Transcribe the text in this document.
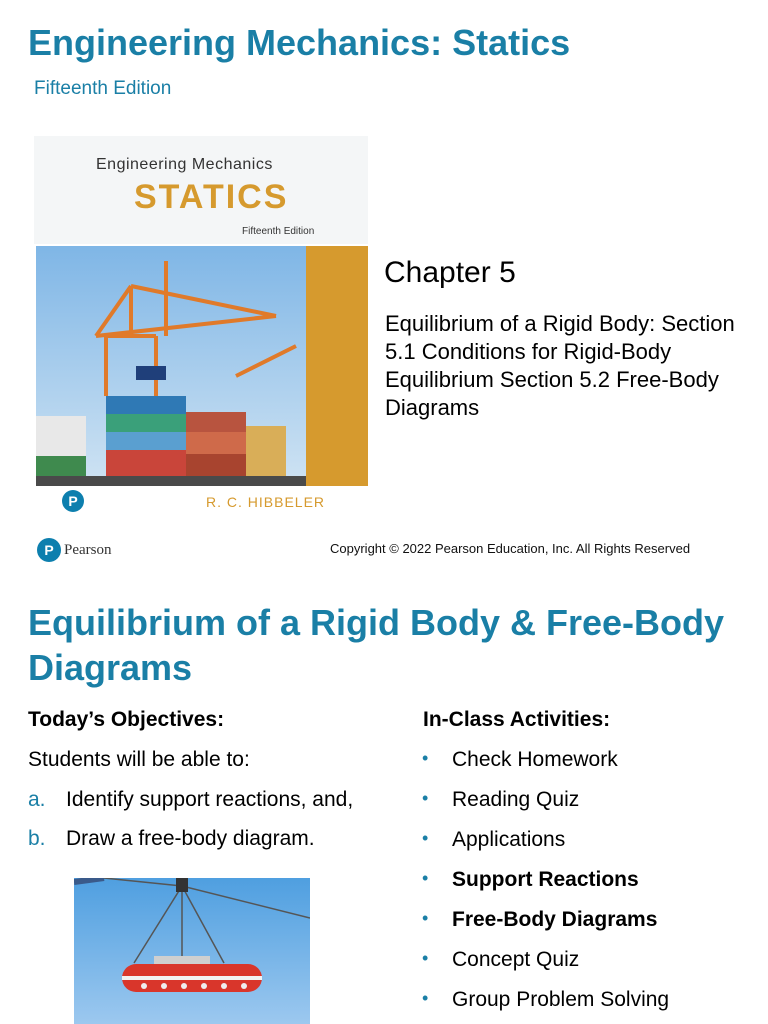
Engineering Mechanics: Statics
Fifteenth Edition
Engineering Mechanics
STATICS
Fifteenth Edition
P	R. C. HIBBELER
Chapter 5
Equilibrium of a Rigid Body: Section 5.1 Conditions for Rigid-Body Equilibrium Section 5.2 Free-Body Diagrams
P Pearson	Copyright © 2022 Pearson Education, Inc. All Rights Reserved
Equilibrium of a Rigid Body & Free-Body Diagrams
Today’s Objectives:
Students will be able to:
a. Identify support reactions, and,
b. Draw a free-body diagram.
In-Class Activities:
•	Check Homework
•	Reading Quiz
•	Applications
•	Support Reactions
•	Free-Body Diagrams
•	Concept Quiz
•	Group Problem Solving
